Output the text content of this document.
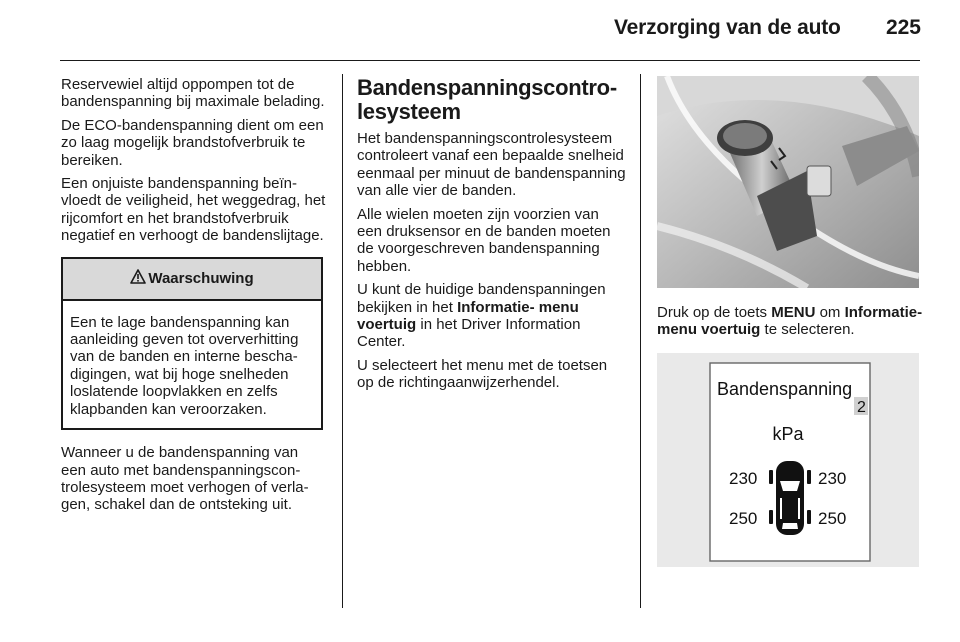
Verzorging van de auto	225

Reservewiel altijd oppompen tot de bandenspanning bij maximale belading.

De ECO-bandenspanning dient om een zo laag mogelijk brandstofverbruik te bereiken.

Een onjuiste bandenspanning beïnvloedt de veiligheid, het weggedrag, het rijcomfort en het brandstofverbruik negatief en verhoogt de bandenslijtage.

Waarschuwing
Een te lage bandenspanning kan aanleiding geven tot oververhitting van de banden en interne beschadigingen, wat bij hoge snelheden loslatende loopvlakken en zelfs klapbanden kan veroorzaken.

Wanneer u de bandenspanning van een auto met bandenspanningscontrolesysteem moet verhogen of verlagen, schakel dan de ontsteking uit.

Bandenspanningscontrolesysteem

Het bandenspanningscontrolesysteem controleert vanaf een bepaalde snelheid eenmaal per minuut de bandenspanning van alle vier de banden.

Alle wielen moeten zijn voorzien van een druksensor en de banden moeten de voorgeschreven bandenspanning hebben.

U kunt de huidige bandenspanningen bekijken in het Informatie- menu voertuig in het Driver Information Center.

U selecteert het menu met de toetsen op de richtingaanwijzerhendel.

Druk op de toets MENU om Informatie- menu voertuig te selecteren.

Bandenspanning
2
kPa
230	230
250	250
